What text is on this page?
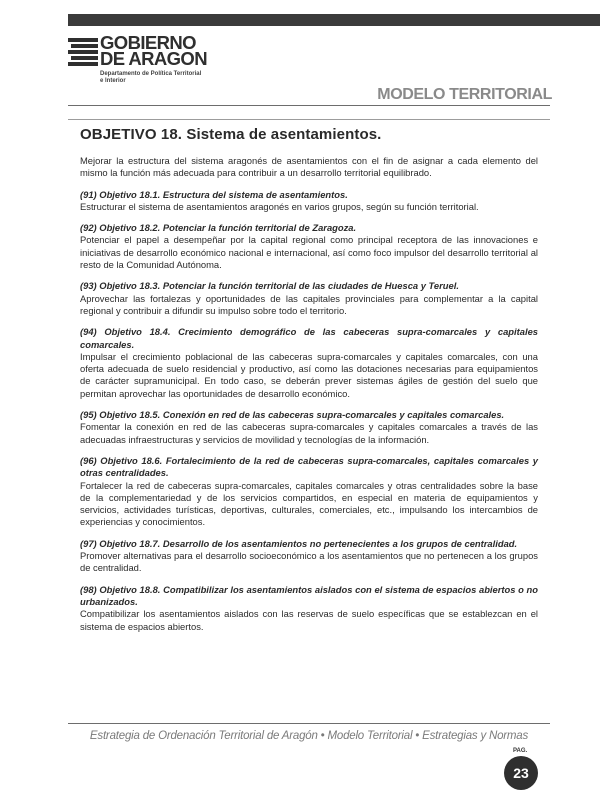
GOBIERNO
DE ARAGON
Departamento de Política Territorial
e Interior
MODELO TERRITORIAL
OBJETIVO 18. Sistema de asentamientos.

Mejorar la estructura del sistema aragonés de asentamientos con el fin de asignar a cada elemento del mismo la función más adecuada para contribuir a un desarrollo territorial equilibrado.

(91) Objetivo 18.1. Estructura del sistema de asentamientos.

Estructurar el sistema de asentamientos aragonés en varios grupos, según su función territorial.

(92) Objetivo 18.2. Potenciar la función territorial de Zaragoza.

Potenciar el papel a desempeñar por la capital regional como principal receptora de las innovaciones e iniciativas de desarrollo económico nacional e internacional, así como foco impulsor del desarrollo territorial al resto de la Comunidad Autónoma.

(93) Objetivo 18.3. Potenciar la función territorial de las ciudades de Huesca y Teruel.

Aprovechar las fortalezas y oportunidades de las capitales provinciales para complementar a la capital regional y contribuir a difundir su impulso sobre todo el territorio.

(94) Objetivo 18.4. Crecimiento demográfico de las cabeceras supra-comarcales y capitales comarcales.

Impulsar el crecimiento poblacional de las cabeceras supra-comarcales y capitales comarcales, con una oferta adecuada de suelo residencial y productivo, así como las dotaciones necesarias para equipamientos de carácter supramunicipal. En todo caso, se deberán prever sistemas ágiles de gestión del suelo que permitan aprovechar las oportunidades de desarrollo económico.

(95) Objetivo 18.5. Conexión en red de las cabeceras supra-comarcales y capitales comarcales.

Fomentar la conexión en red de las cabeceras supra-comarcales y capitales comarcales a través de las adecuadas infraestructuras y servicios de movilidad y tecnologías de la información.

(96) Objetivo 18.6. Fortalecimiento de la red de cabeceras supra-comarcales, capitales comarcales y otras centralidades.

Fortalecer la red de cabeceras supra-comarcales, capitales comarcales y otras centralidades sobre la base de la complementariedad y de los servicios compartidos, en especial en materia de equipamientos y servicios, actividades turísticas, deportivas, culturales, comerciales, etc., impulsando los intercambios de experiencias y conocimientos.

(97) Objetivo 18.7. Desarrollo de los asentamientos no pertenecientes a los grupos de centralidad.

Promover alternativas para el desarrollo socioeconómico a los asentamientos que no pertenecen a los grupos de centralidad.

(98) Objetivo 18.8. Compatibilizar los asentamientos aislados con el sistema de espacios abiertos o no urbanizados.

Compatibilizar los asentamientos aislados con las reservas de suelo específicas que se establezcan en el sistema de espacios abiertos.

Estrategia de Ordenación Territorial de Aragón • Modelo Territorial • Estrategias y Normas
PAG.
23
